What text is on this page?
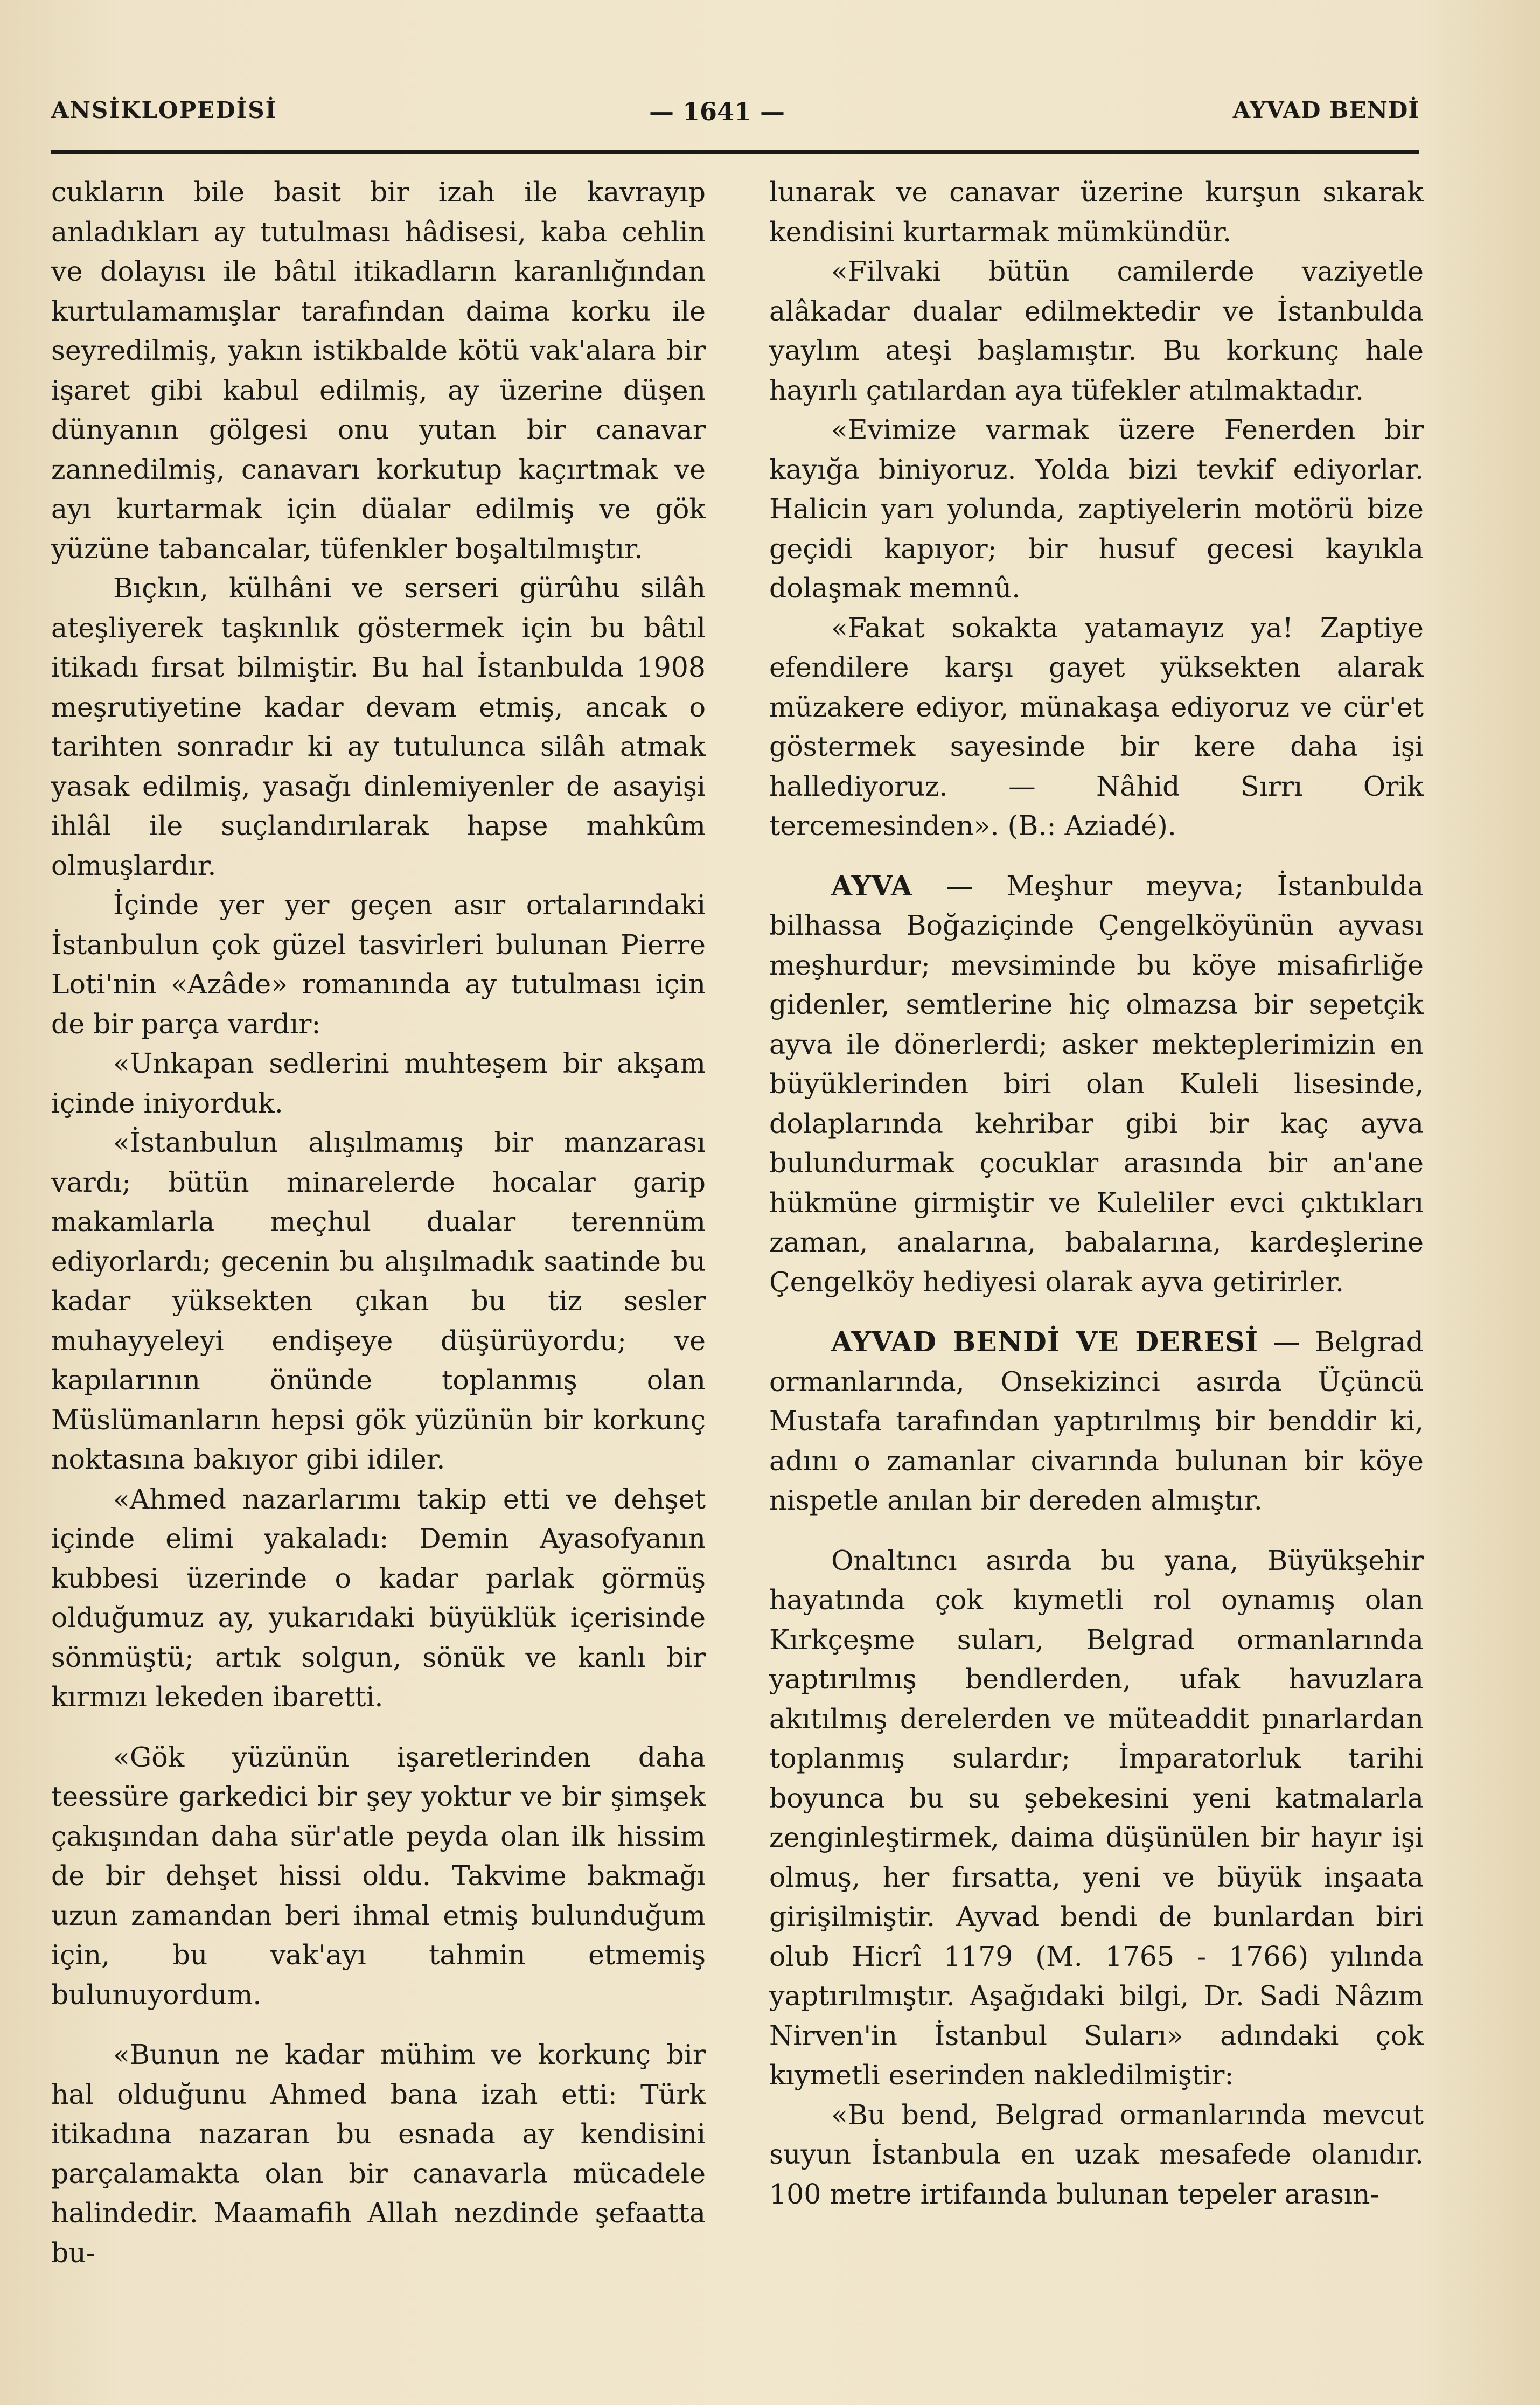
ANSİKLOPEDİSİ	— 1641 —	AYVAD BENDİ

cukların bile basit bir izah ile kavrayıp anladıkları ay tutulması hâdisesi, kaba cehlin ve dolayısı ile bâtıl itikadların karanlığından kurtulamamışlar tarafından daima korku ile seyredilmiş, yakın istikbalde kötü vak'alara bir işaret gibi kabul edilmiş, ay üzerine düşen dünyanın gölgesi onu yutan bir canavar zannedilmiş, canavarı korkutup kaçırtmak ve ayı kurtarmak için düalar edilmiş ve gök yüzüne tabancalar, tüfenkler boşaltılmıştır.

Bıçkın, külhâni ve serseri gürûhu silâh ateşliyerek taşkınlık göstermek için bu bâtıl itikadı fırsat bilmiştir. Bu hal İstanbulda 1908 meşrutiyetine kadar devam etmiş, ancak o tarihten sonradır ki ay tutulunca silâh atmak yasak edilmiş, yasağı dinlemiyenler de asayişi ihlâl ile suçlandırılarak hapse mahkûm olmuşlardır.

İçinde yer yer geçen asır ortalarındaki İstanbulun çok güzel tasvirleri bulunan Pierre Loti'nin «Azâde» romanında ay tutulması için de bir parça vardır:

«Unkapan sedlerini muhteşem bir akşam içinde iniyorduk.

«İstanbulun alışılmamış bir manzarası vardı; bütün minarelerde hocalar garip makamlarla meçhul dualar terennüm ediyorlardı; gecenin bu alışılmadık saatinde bu kadar yüksekten çıkan bu tiz sesler muhayyeleyi endişeye düşürüyordu; ve kapılarının önünde toplanmış olan Müslümanların hepsi gök yüzünün bir korkunç noktasına bakıyor gibi idiler.

«Ahmed nazarlarımı takip etti ve dehşet içinde elimi yakaladı: Demin Ayasofyanın kubbesi üzerinde o kadar parlak görmüş olduğumuz ay, yukarıdaki büyüklük içerisinde sönmüştü; artık solgun, sönük ve kanlı bir kırmızı lekeden ibaretti.

«Gök yüzünün işaretlerinden daha teessüre garkedici bir şey yoktur ve bir şimşek çakışından daha sür'atle peyda olan ilk hissim de bir dehşet hissi oldu. Takvime bakmağı uzun zamandan beri ihmal etmiş bulunduğum için, bu vak'ayı tahmin etmemiş bulunuyordum.

«Bunun ne kadar mühim ve korkunç bir hal olduğunu Ahmed bana izah etti: Türk itikadına nazaran bu esnada ay kendisini parçalamakta olan bir canavarla mücadele halindedir. Maamafih Allah nezdinde şefaatta bu-

lunarak ve canavar üzerine kurşun sıkarak kendisini kurtarmak mümkündür.

«Filvaki bütün camilerde vaziyetle alâkadar dualar edilmektedir ve İstanbulda yaylım ateşi başlamıştır. Bu korkunç hale hayırlı çatılardan aya tüfekler atılmaktadır.

«Evimize varmak üzere Fenerden bir kayığa biniyoruz. Yolda bizi tevkif ediyorlar. Halicin yarı yolunda, zaptiyelerin motörü bize geçidi kapıyor; bir husuf gecesi kayıkla dolaşmak memnû.

«Fakat sokakta yatamayız ya! Zaptiye efendilere karşı gayet yüksekten alarak müzakere ediyor, münakaşa ediyoruz ve cür'et göstermek sayesinde bir kere daha işi hallediyoruz. — Nâhid Sırrı Orik tercemesinden». (B.: Aziadé).

AYVA — Meşhur meyva; İstanbulda bilhassa Boğaziçinde Çengelköyünün ayvası meşhurdur; mevsiminde bu köye misafirliğe gidenler, semtlerine hiç olmazsa bir sepetçik ayva ile dönerlerdi; asker mekteplerimizin en büyüklerinden biri olan Kuleli lisesinde, dolaplarında kehribar gibi bir kaç ayva bulundurmak çocuklar arasında bir an'ane hükmüne girmiştir ve Kuleliler evci çıktıkları zaman, analarına, babalarına, kardeşlerine Çengelköy hediyesi olarak ayva getirirler.

AYVAD BENDİ VE DERESİ — Belgrad ormanlarında, Onsekizinci asırda Üçüncü Mustafa tarafından yaptırılmış bir benddir ki, adını o zamanlar civarında bulunan bir köye nispetle anılan bir dereden almıştır.

Onaltıncı asırda bu yana, Büyükşehir hayatında çok kıymetli rol oynamış olan Kırkçeşme suları, Belgrad ormanlarında yaptırılmış bendlerden, ufak havuzlara akıtılmış derelerden ve müteaddit pınarlardan toplanmış sulardır; İmparatorluk tarihi boyunca bu su şebekesini yeni katmalarla zenginleştirmek, daima düşünülen bir hayır işi olmuş, her fırsatta, yeni ve büyük inşaata girişilmiştir. Ayvad bendi de bunlardan biri olub Hicrî 1179 (M. 1765 - 1766) yılında yaptırılmıştır. Aşağıdaki bilgi, Dr. Sadi Nâzım Nirven'in İstanbul Suları» adındaki çok kıymetli eserinden nakledilmiştir:

«Bu bend, Belgrad ormanlarında mevcut suyun İstanbula en uzak mesafede olanıdır. 100 metre irtifaında bulunan tepeler arasın-
